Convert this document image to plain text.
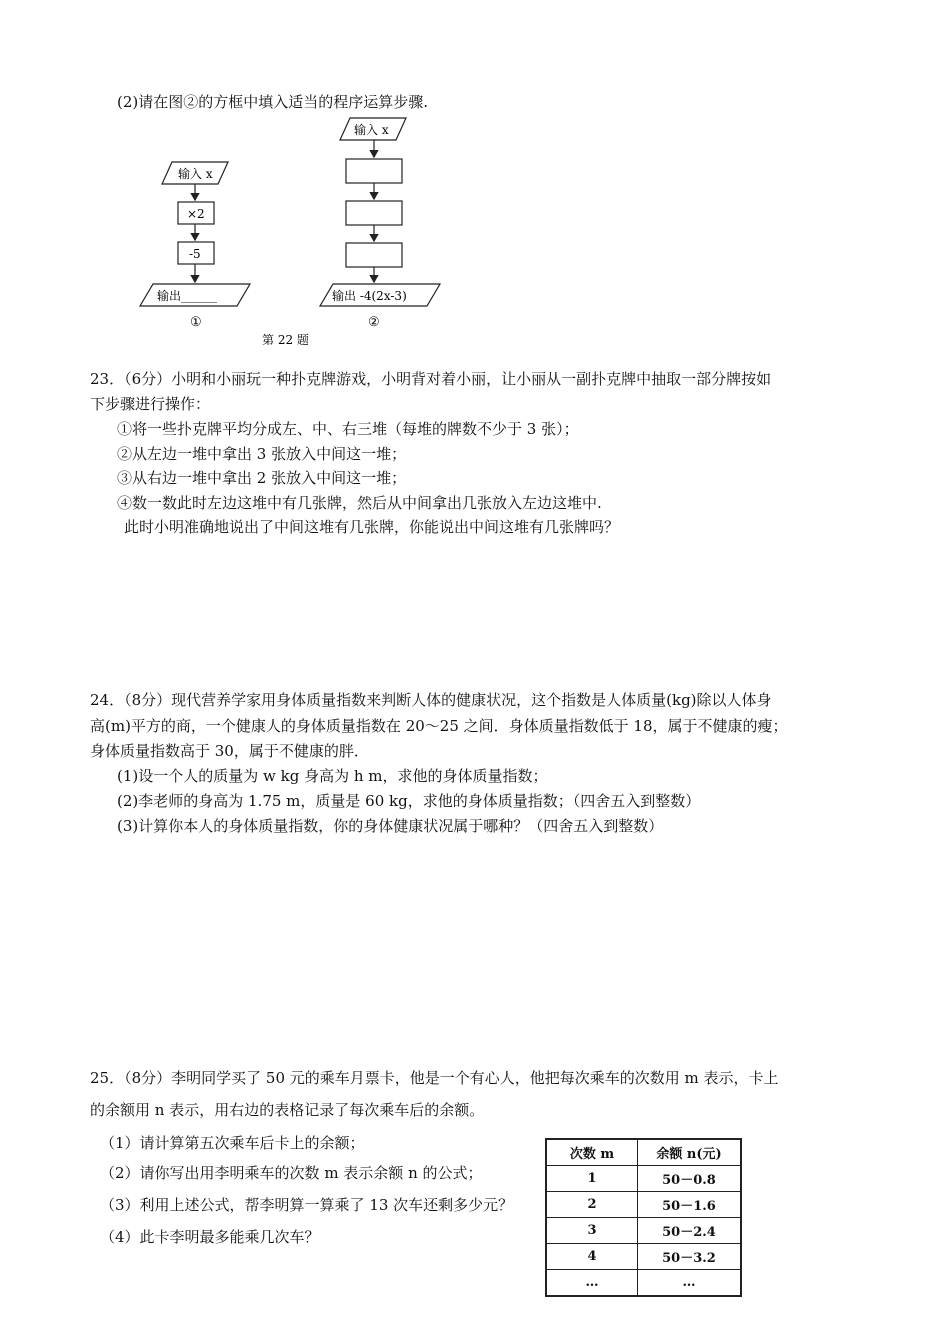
(2)请在图②的方框中填入适当的程序运算步骤.
输入 x
×2
-5
输出______
①
输入 x
输出 -4(2x-3)
②
第 22 题
23．（6分）小明和小丽玩一种扑克牌游戏，小明背对着小丽，让小丽从一副扑克牌中抽取一部分牌按如
下步骤进行操作：
①将一些扑克牌平均分成左、中、右三堆（每堆的牌数不少于 3 张）；
②从左边一堆中拿出 3 张放入中间这一堆；
③从右边一堆中拿出 2 张放入中间这一堆；
④数一数此时左边这堆中有几张牌，然后从中间拿出几张放入左边这堆中.
此时小明准确地说出了中间这堆有几张牌，你能说出中间这堆有几张牌吗？
24．（8分）现代营养学家用身体质量指数来判断人体的健康状况，这个指数是人体质量(kg)除以人体身
高(m)平方的商，一个健康人的身体质量指数在 20～25 之间．身体质量指数低于 18，属于不健康的瘦；
身体质量指数高于 30，属于不健康的胖．
(1)设一个人的质量为 w kg 身高为 h m，求他的身体质量指数；
(2)李老师的身高为 1.75 m，质量是 60 kg，求他的身体质量指数；（四舍五入到整数）
(3)计算你本人的身体质量指数，你的身体健康状况属于哪种？（四舍五入到整数）
25．（8分）李明同学买了 50 元的乘车月票卡，他是一个有心人，他把每次乘车的次数用 m 表示，卡上
的余额用 n 表示，用右边的表格记录了每次乘车后的余额。
（1）请计算第五次乘车后卡上的余额；
（2）请你写出用李明乘车的次数 m 表示余额 n 的公式；
（3）利用上述公式，帮李明算一算乘了 13 次车还剩多少元？
（4）此卡李明最多能乘几次车？
次数 m	余额 n(元)
1	50－0.8
2	50－1.6
3	50－2.4
4	50－3.2
…	…
